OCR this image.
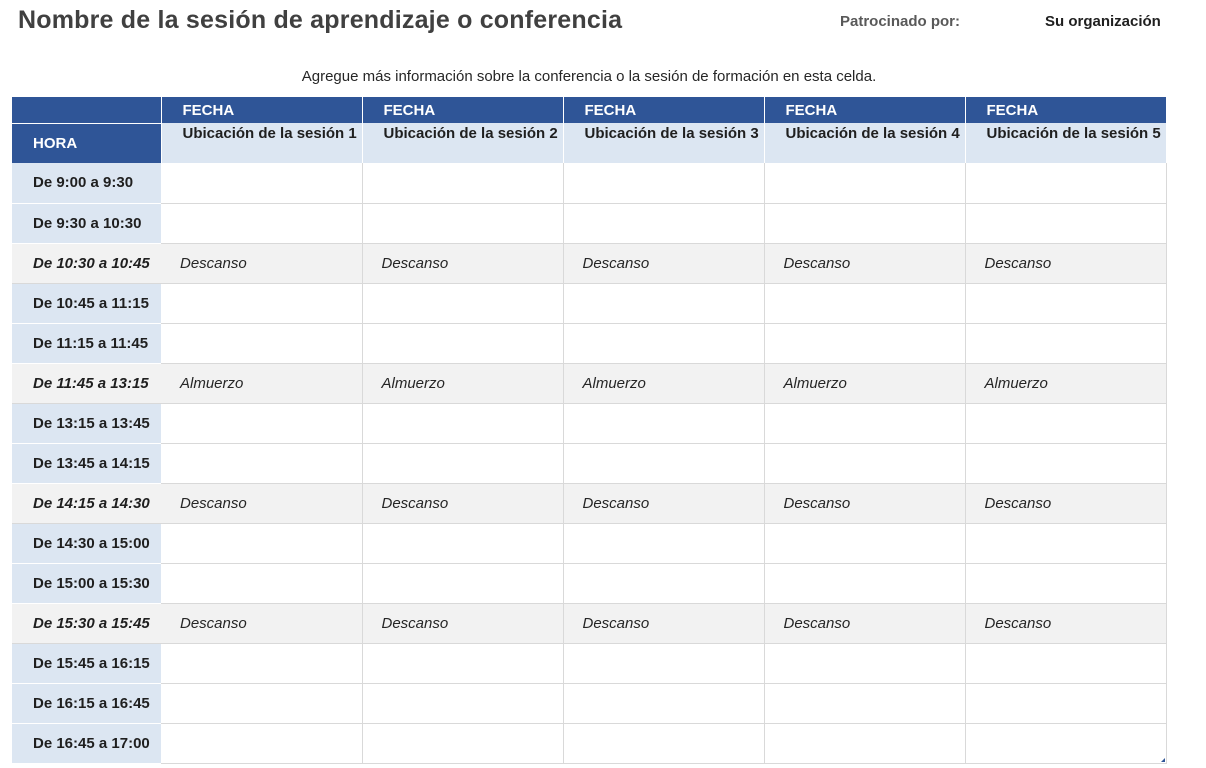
Nombre de la sesión de aprendizaje o conferencia	Patrocinado por:	Su organización
Agregue más información sobre la conferencia o la sesión de formación en esta celda.
	FECHA	FECHA	FECHA	FECHA	FECHA
HORA	Ubicación de la sesión 1	Ubicación de la sesión 2	Ubicación de la sesión 3	Ubicación de la sesión 4	Ubicación de la sesión 5
De 9:00 a 9:30					
De 9:30 a 10:30					
De 10:30 a 10:45	Descanso	Descanso	Descanso	Descanso	Descanso
De 10:45 a 11:15					
De 11:15 a 11:45					
De 11:45 a 13:15	Almuerzo	Almuerzo	Almuerzo	Almuerzo	Almuerzo
De 13:15 a 13:45					
De 13:45 a 14:15					
De 14:15 a 14:30	Descanso	Descanso	Descanso	Descanso	Descanso
De 14:30 a 15:00					
De 15:00 a 15:30					
De 15:30 a 15:45	Descanso	Descanso	Descanso	Descanso	Descanso
De 15:45 a 16:15					
De 16:15 a 16:45					
De 16:45 a 17:00					
